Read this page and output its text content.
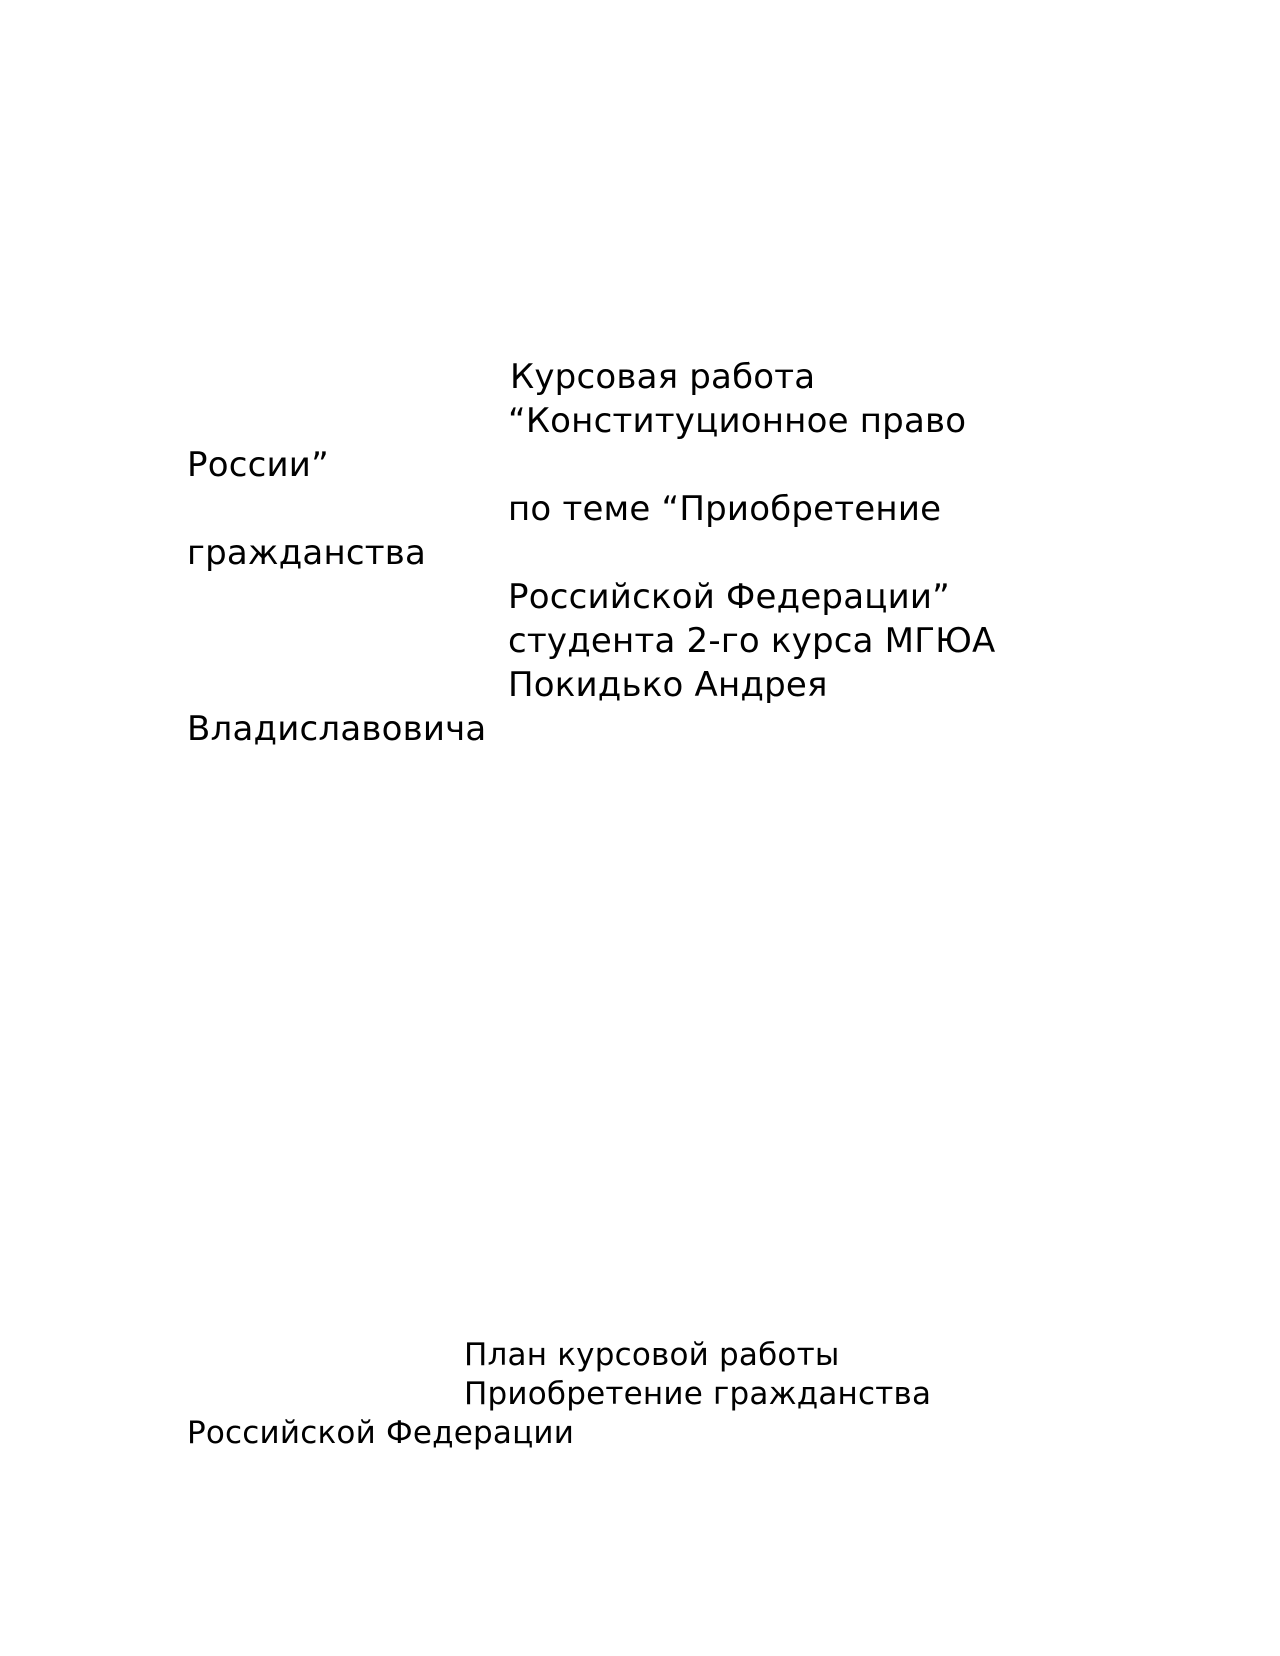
Курсовая работа
“Конституционное право
России”
по теме “Приобретение
гражданства
Российской Федерации”
студента 2-го курса МГЮА
Покидько Андрея
Владиславовича
План курсовой работы
Приобретение гражданства
Российской Федерации
